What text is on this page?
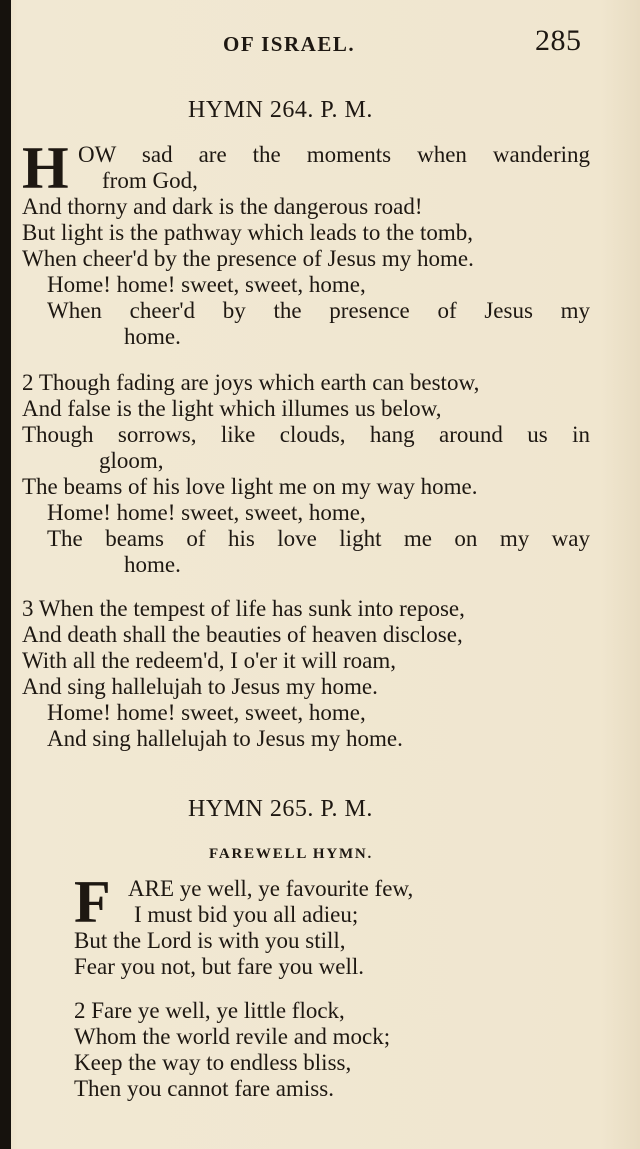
OF ISRAEL.	285
HYMN 264. P. M.
H OW sad are the moments when wandering
from God,
And thorny and dark is the dangerous road!
But light is the pathway which leads to the tomb,
When cheer'd by the presence of Jesus my home.
Home! home! sweet, sweet, home,
When cheer'd by the presence of Jesus my
home.
2 Though fading are joys which earth can bestow,
And false is the light which illumes us below,
Though sorrows, like clouds, hang around us in
gloom,
The beams of his love light me on my way home.
Home! home! sweet, sweet, home,
The beams of his love light me on my way
home.
3 When the tempest of life has sunk into repose,
And death shall the beauties of heaven disclose,
With all the redeem'd, I o'er it will roam,
And sing hallelujah to Jesus my home.
Home! home! sweet, sweet, home,
And sing hallelujah to Jesus my home.
HYMN 265. P. M.
FAREWELL HYMN.
F ARE ye well, ye favourite few,
I must bid you all adieu;
But the Lord is with you still,
Fear you not, but fare you well.
2 Fare ye well, ye little flock,
Whom the world revile and mock;
Keep the way to endless bliss,
Then you cannot fare amiss.
